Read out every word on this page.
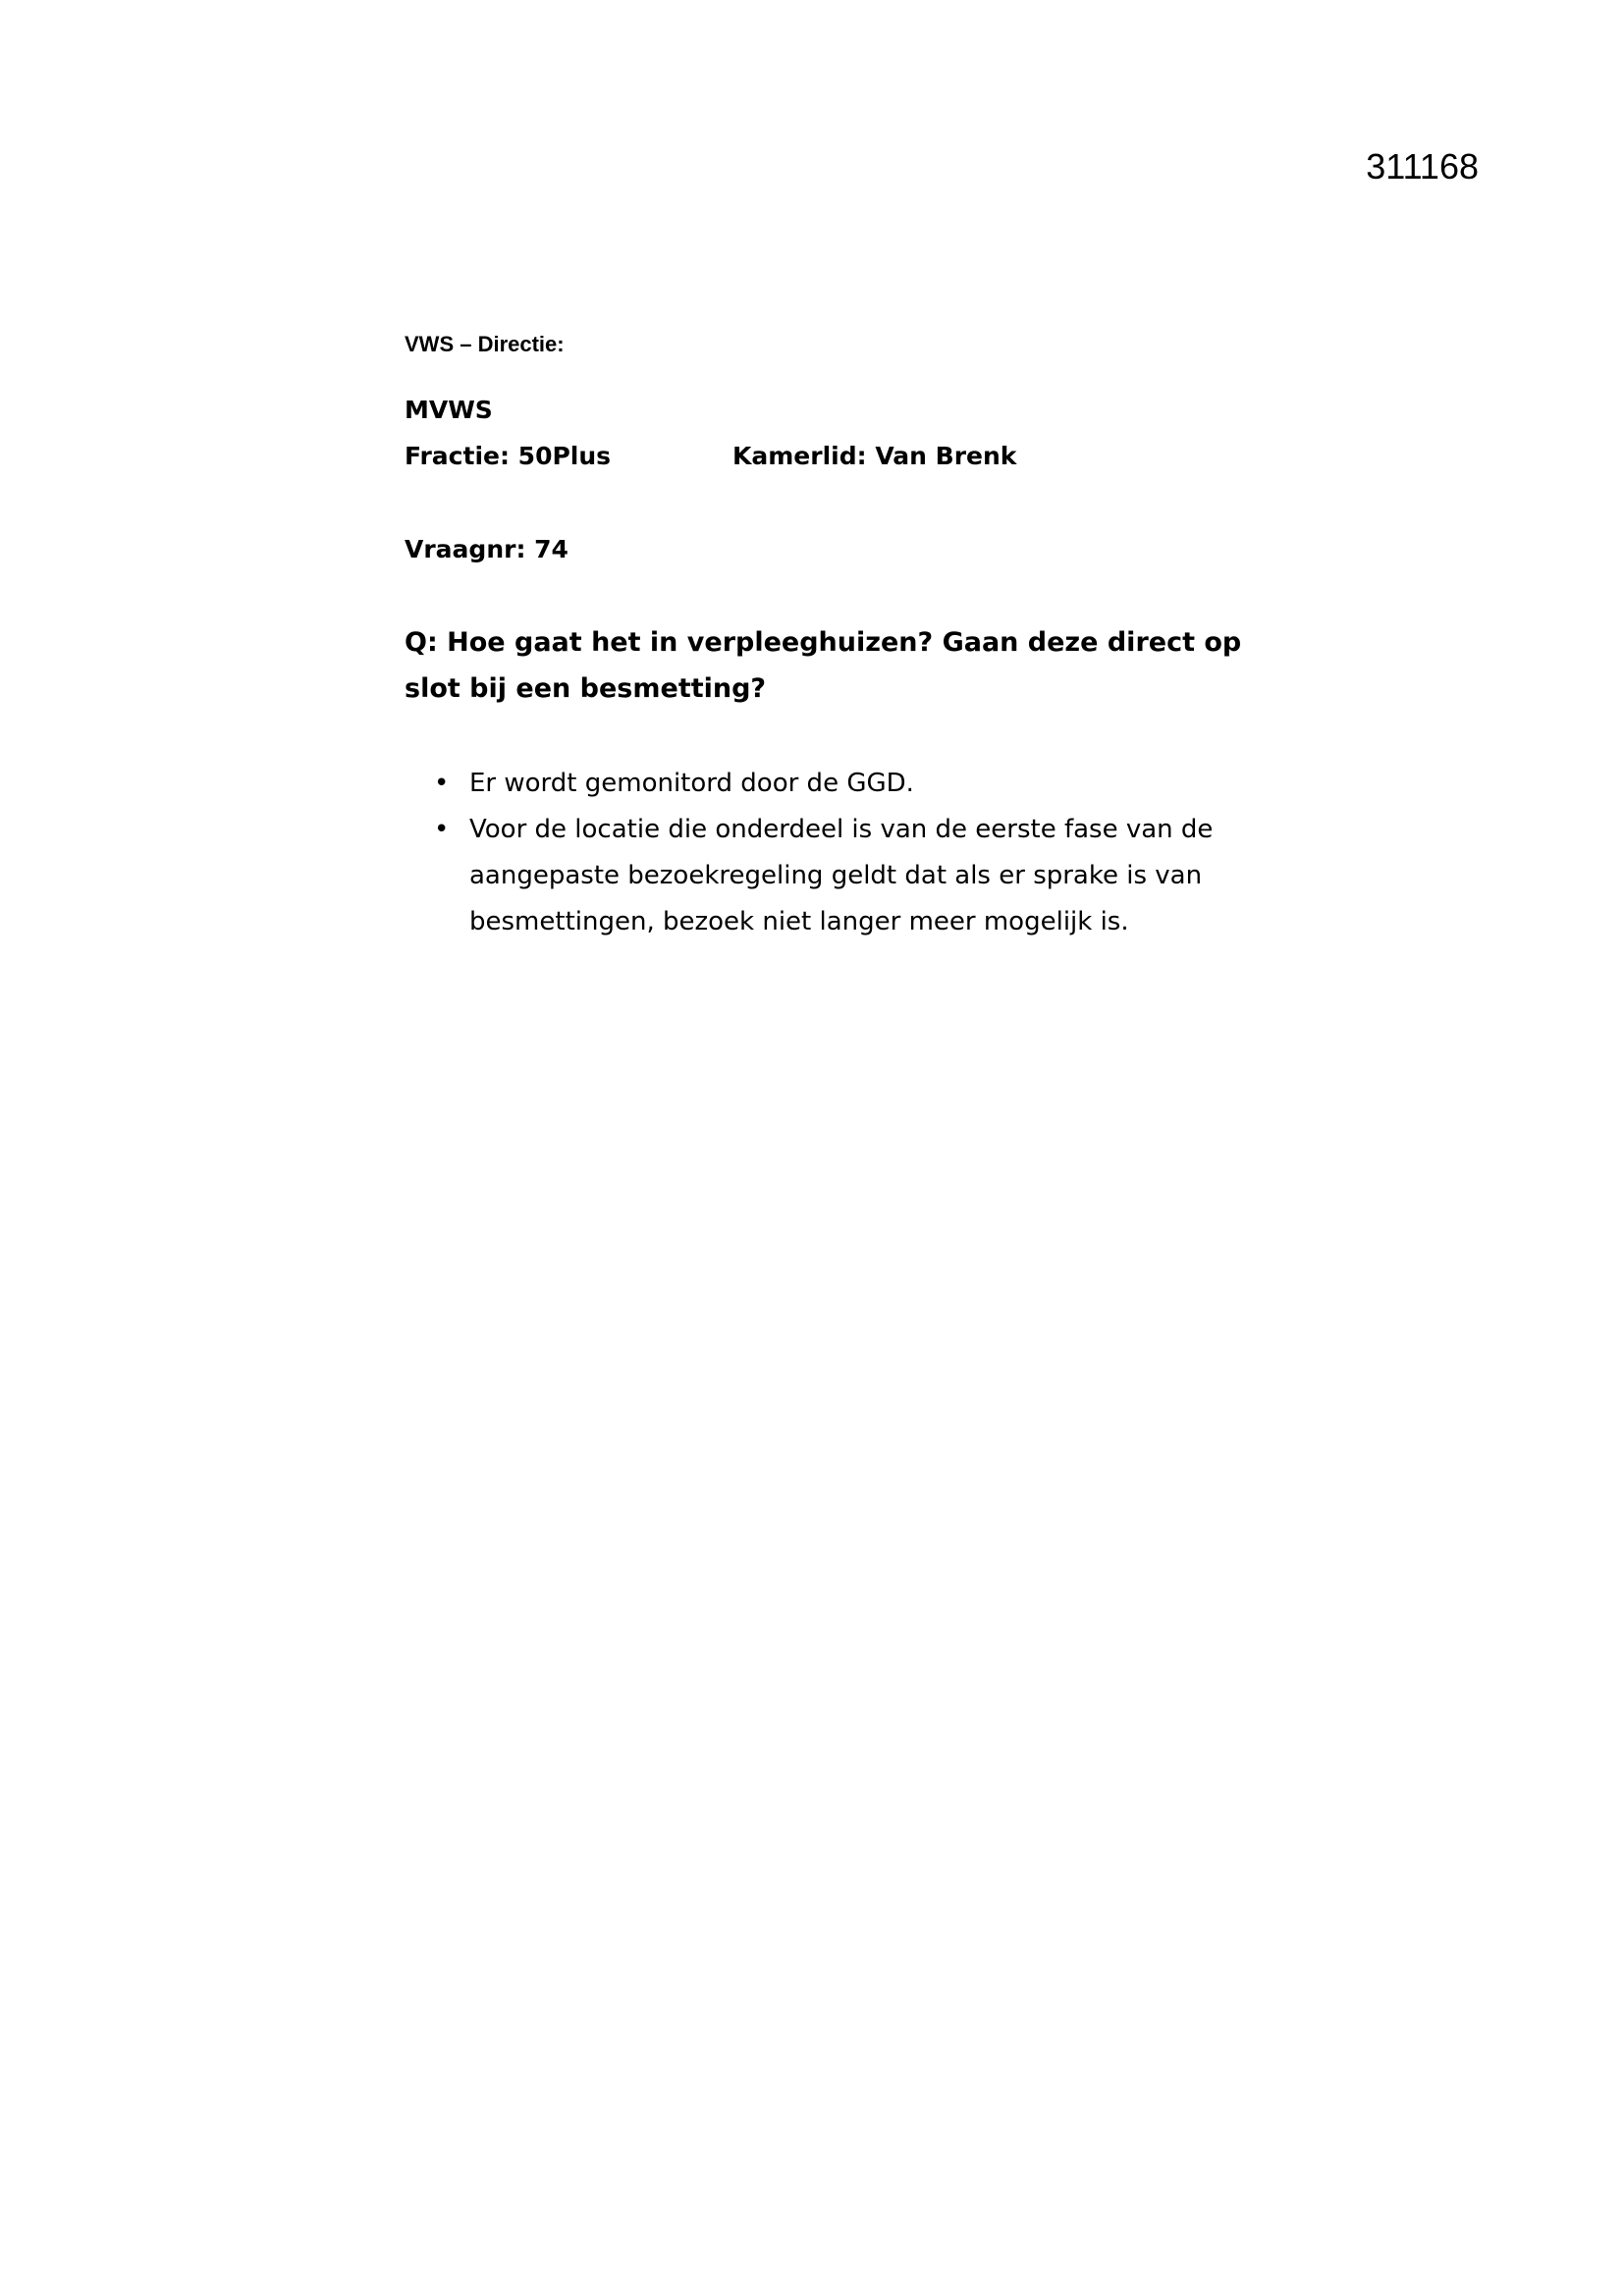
311168

VWS – Directie:

MVWS
Fractie: 50Plus	Kamerlid: Van Brenk
Vraagnr: 74
Q: Hoe gaat het in verpleeghuizen? Gaan deze direct op slot bij een besmetting?
• Er wordt gemonitord door de GGD.
• Voor de locatie die onderdeel is van de eerste fase van de aangepaste bezoekregeling geldt dat als er sprake is van besmettingen, bezoek niet langer meer mogelijk is.
